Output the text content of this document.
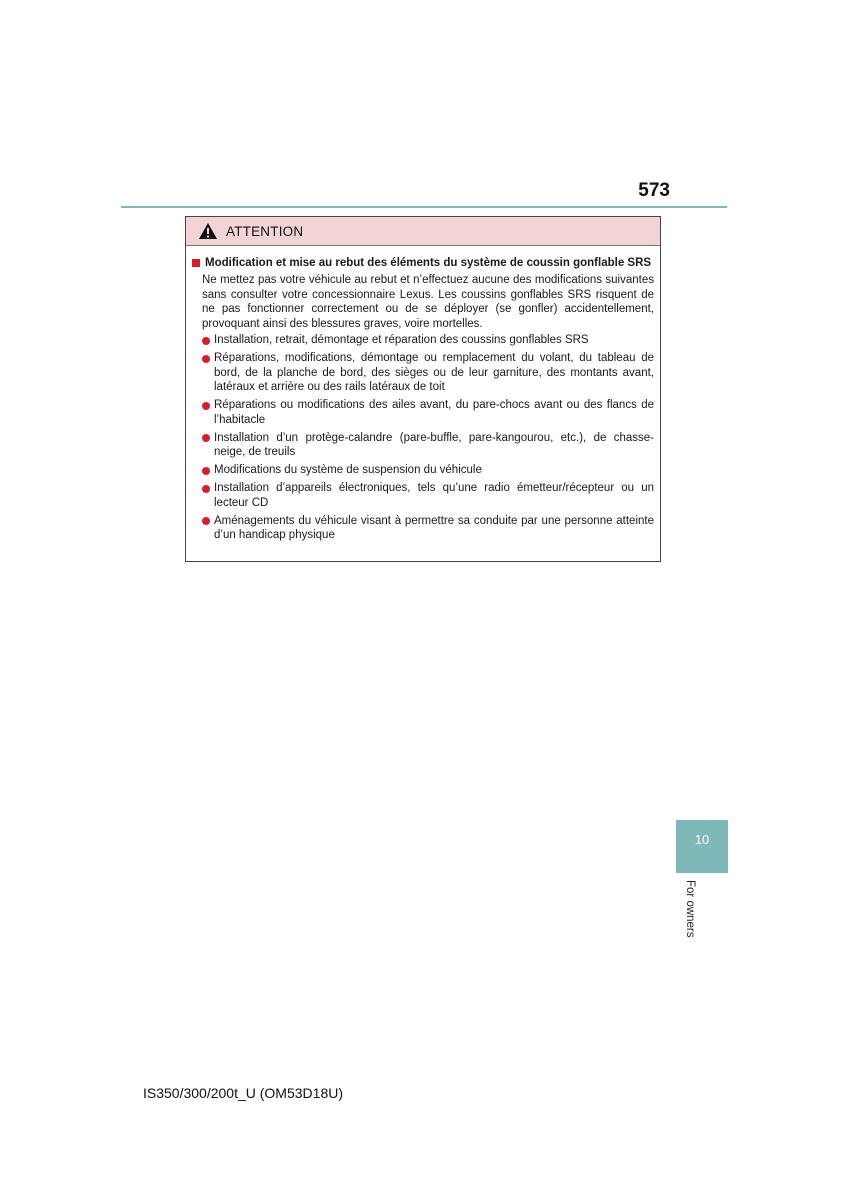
573
ATTENTION
Modification et mise au rebut des éléments du système de coussin gonflable SRS

Ne mettez pas votre véhicule au rebut et n’effectuez aucune des modifications suivantes sans consulter votre concessionnaire Lexus. Les coussins gonflables SRS risquent de ne pas fonctionner correctement ou de se déployer (se gonfler) accidentellement, provoquant ainsi des blessures graves, voire mortelles.

Installation, retrait, démontage et réparation des coussins gonflables SRS
Réparations, modifications, démontage ou remplacement du volant, du tableau de bord, de la planche de bord, des sièges ou de leur garniture, des montants avant, latéraux et arrière ou des rails latéraux de toit
Réparations ou modifications des ailes avant, du pare-chocs avant ou des flancs de l’habitacle
Installation d’un protège-calandre (pare-buffle, pare-kangourou, etc.), de chasse-neige, de treuils
Modifications du système de suspension du véhicule
Installation d’appareils électroniques, tels qu’une radio émetteur/récepteur ou un lecteur CD
Aménagements du véhicule visant à permettre sa conduite par une personne atteinte d’un handicap physique
10
For owners
IS350/300/200t_U (OM53D18U)
